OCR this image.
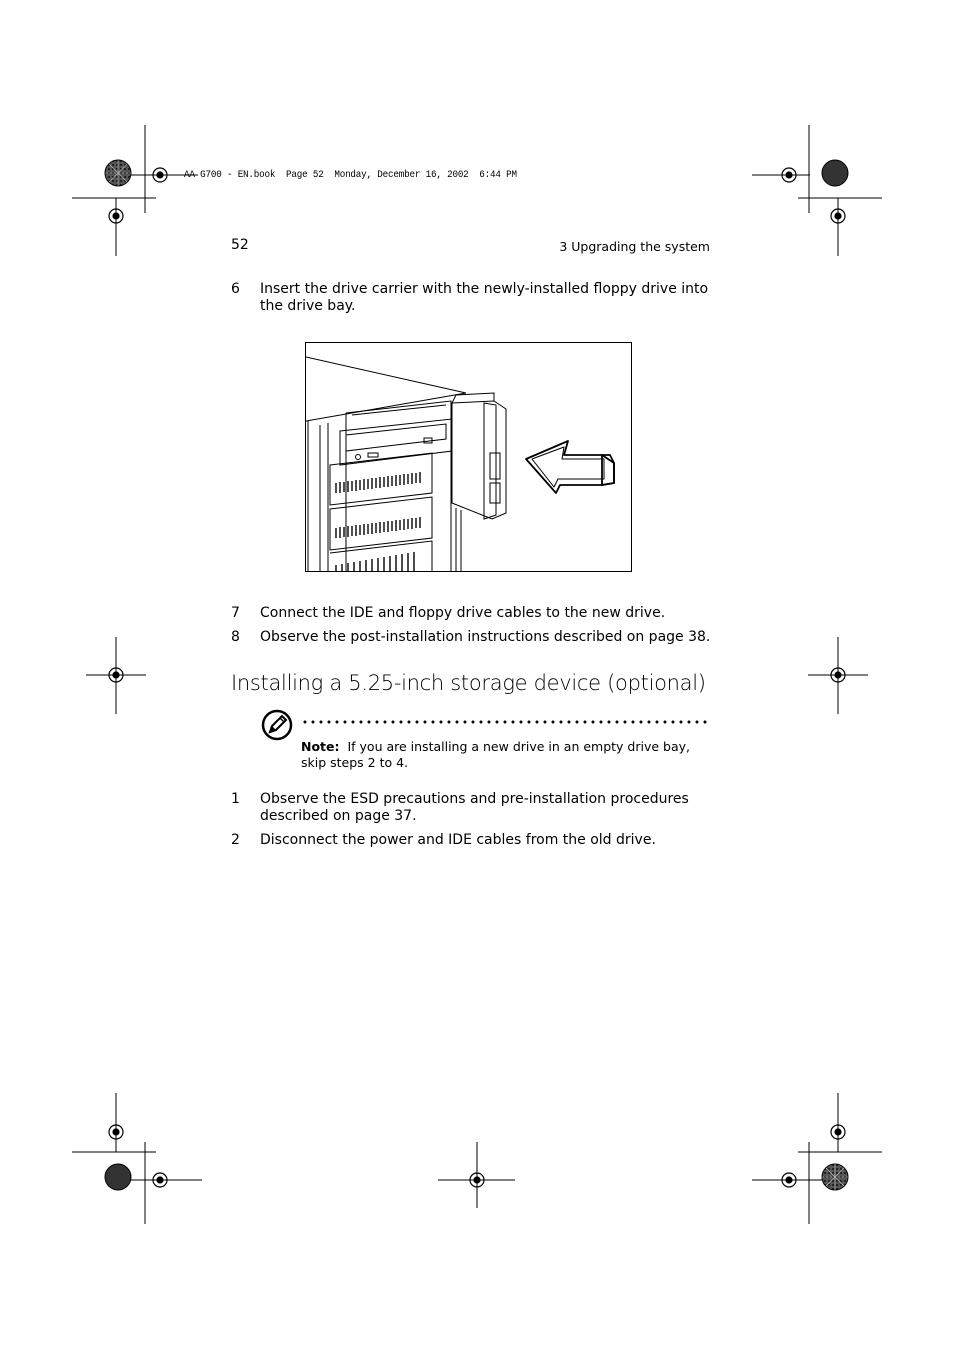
AA G700 - EN.book  Page 52  Monday, December 16, 2002  6:44 PM
52	3 Upgrading the system
6 Insert the drive carrier with the newly-installed floppy drive into the drive bay.
7 Connect the IDE and floppy drive cables to the new drive.
8 Observe the post-installation instructions described on page 38.
Installing a 5.25-inch storage device (optional)
Note: If you are installing a new drive in an empty drive bay, skip steps 2 to 4.
1 Observe the ESD precautions and pre-installation procedures described on page 37.
2 Disconnect the power and IDE cables from the old drive.
